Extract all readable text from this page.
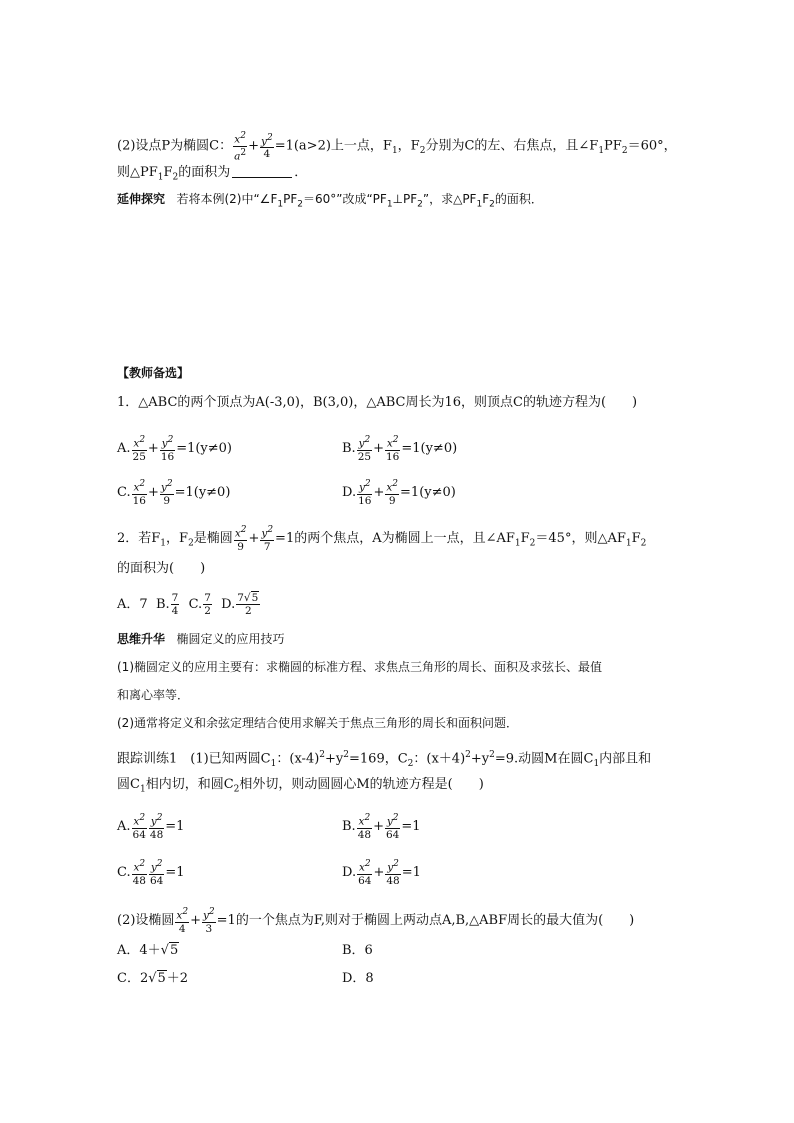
(2)设点P为椭圆C： $\frac{x^2}{a^2} + \frac{y^2}{4} =1(a>2)$上一点，$F_1$，$F_2$分别为C的左、右焦点，且$\angle F_1PF_2=60^\circ$，
则$\triangle PF_1F_2$的面积为	．
延伸探究 若将本例(2)中“$\angle F_1PF_2=60^\circ$”改成“$PF_1\perp PF_2$”，求$\triangle PF_1F_2$的面积．
【教师备选】
1．△ABC的两个顶点为A(-3,0)，B(3,0)，△ABC周长为16，则顶点C的轨迹方程为(　　)
A. $\frac{x^2}{25} + \frac{y^2}{16} =1(y\ne 0)$	B. $\frac{y^2}{25} + \frac{x^2}{16} =1(y\ne 0)$
C. $\frac{x^2}{16} + \frac{y^2}{9} =1(y\ne 0)$	D. $\frac{y^2}{16} + \frac{x^2}{9} =1(y\ne 0)$
2．若$F_1$，$F_2$是椭圆 $\frac{x^2}{9} + \frac{y^2}{7} =1$的两个焦点，A为椭圆上一点，且$\angle AF_1F_2=45^\circ$，则$\triangle AF_1F_2$
的面积为(　　)
A．7 B. $\frac{7}{4} C$. $\frac{7}{2} D$. $\frac{7√5}{2}$
思维升华 椭圆定义的应用技巧
(1)椭圆定义的应用主要有：求椭圆的标准方程、求焦点三角形的周长、面积及求弦长、最值
和离心率等．
(2)通常将定义和余弦定理结合使用求解关于焦点三角形的周长和面积问题．
跟踪训练1　(1)已知两圆$C_1$：$(x-4)^2+y^2=169$，$C_2$：$(x+4)^2+y^2=9$.动圆M在圆$C_1$内部且和
圆$C_1$相内切，和圆$C_2$相外切，则动圆圆心M的轨迹方程是(　　)
A. $\frac{x^2}{64} \frac{y^2}{48} =1$	B. $\frac{x^2}{48} + \frac{y^2}{64} =1$
C. $\frac{x^2}{48} \frac{y^2}{64} =1$	D. $\frac{x^2}{64} + \frac{y^2}{48} =1$
(2)设椭圆 $\frac{x^2}{4} + \frac{y^2}{3} =1$的一个焦点为F,则对于椭圆上两动点A,B,△ABF周长的最大值为(　　)
A．4＋√5	B．6
C．2√5＋2	D．8
